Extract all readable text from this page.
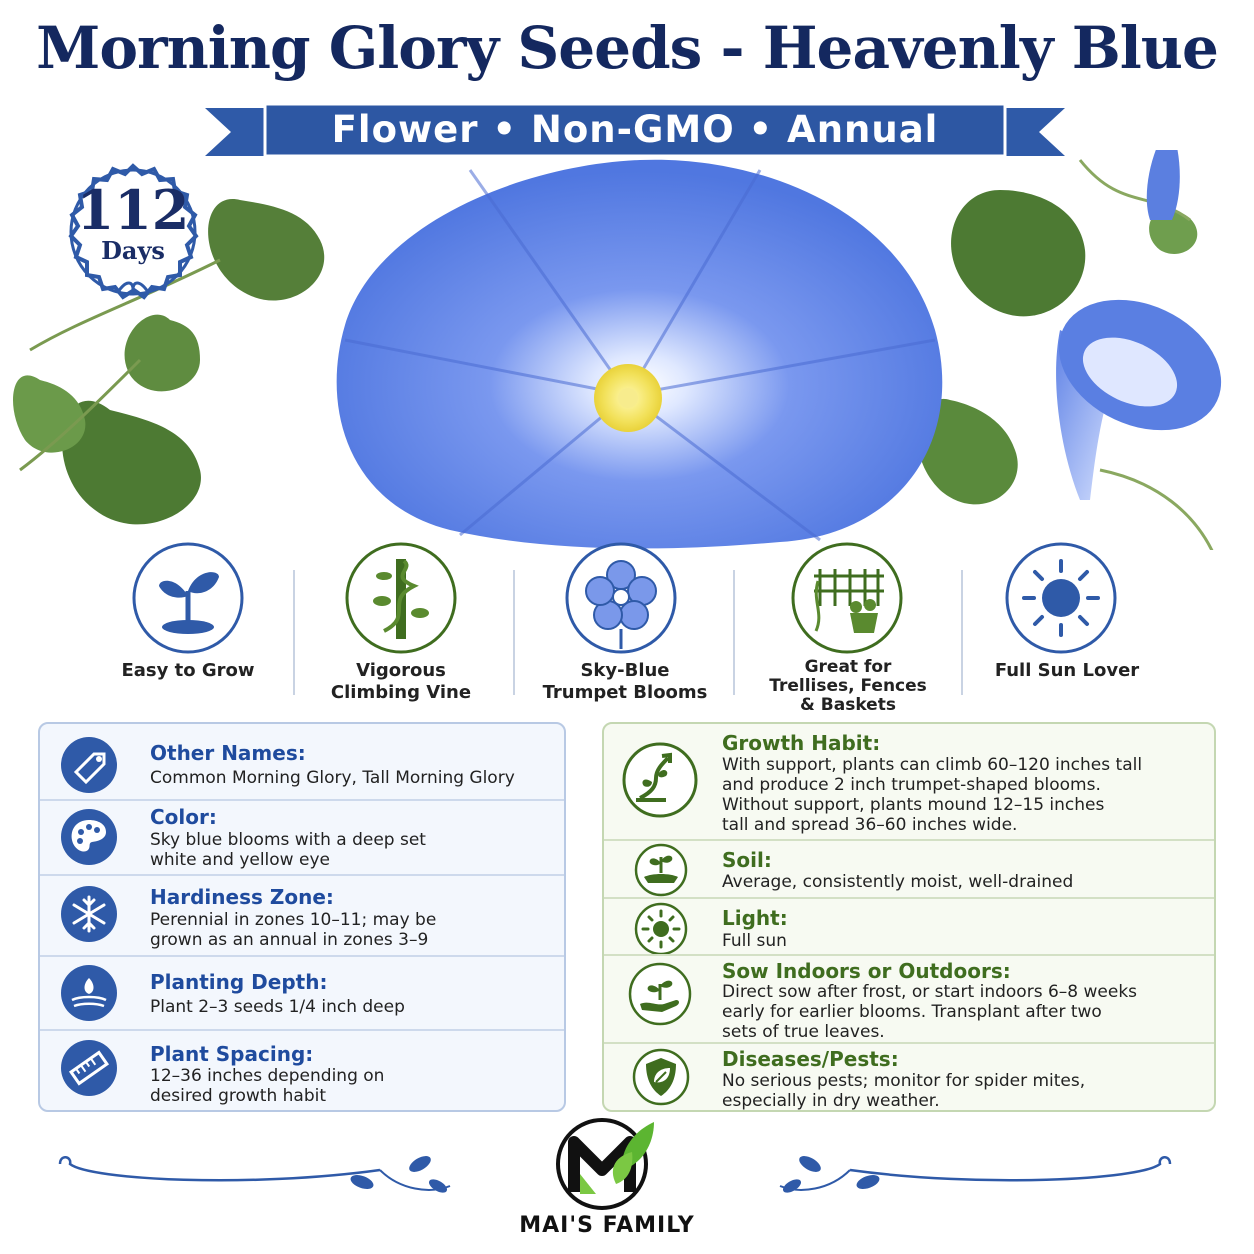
Morning Glory Seeds - Heavenly Blue
Flower • Non-GMO • Annual
112
Days
Easy to Grow	Vigorous
Climbing Vine
Sky-Blue
Trumpet Blooms
Great for
Trellises, Fences
& Baskets
Full Sun Lover
Other Names:
Common Morning Glory, Tall Morning Glory
Color:
Sky blue blooms with a deep set
white and yellow eye
Hardiness Zone:
Perennial in zones 10–11; may be
grown as an annual in zones 3–9
Planting Depth:
Plant 2–3 seeds 1/4 inch deep
Plant Spacing:
12–36 inches depending on
desired growth habit
Growth Habit:
With support, plants can climb 60–120 inches tall
and produce 2 inch trumpet-shaped blooms.
Without support, plants mound 12–15 inches
tall and spread 36–60 inches wide.
Soil:
Average, consistently moist, well-drained
Light:
Full sun
Sow Indoors or Outdoors:
Direct sow after frost, or start indoors 6–8 weeks
early for earlier blooms. Transplant after two
sets of true leaves.
Diseases/Pests:
No serious pests; monitor for spider mites,
especially in dry weather.
MAI'S FAMILY
